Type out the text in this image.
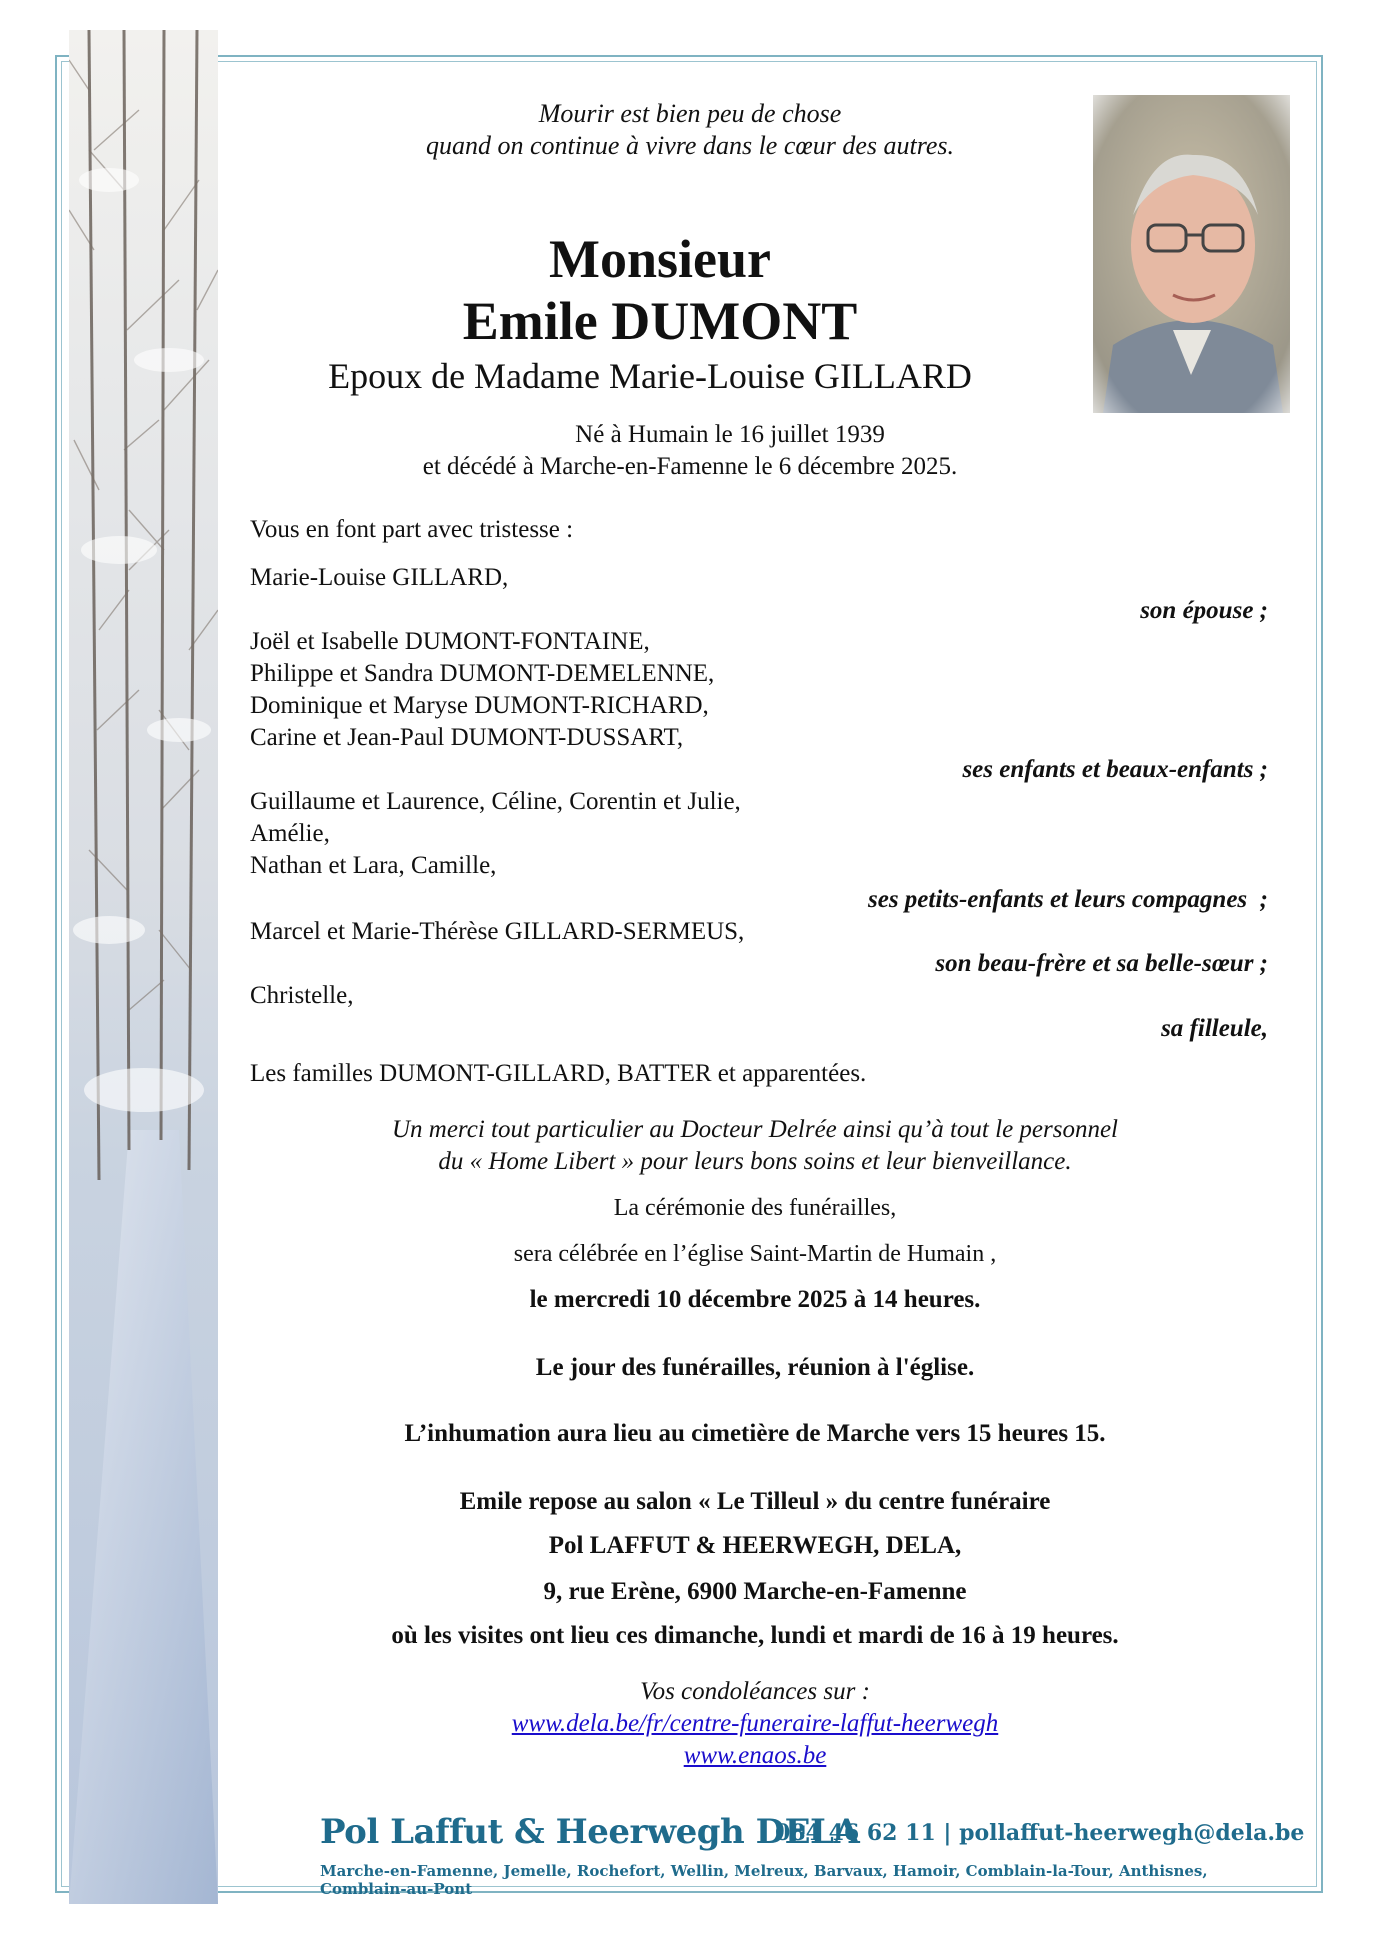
Mourir est bien peu de chose
quand on continue à vivre dans le cœur des autres.
Monsieur
Emile DUMONT
Epoux de Madame Marie-Louise GILLARD
Né à Humain le 16 juillet 1939
et décédé à Marche-en-Famenne le 6 décembre 2025.
Vous en font part avec tristesse :
Marie-Louise GILLARD,
son épouse ;
Joël et Isabelle DUMONT-FONTAINE,
Philippe et Sandra DUMONT-DEMELENNE,
Dominique et Maryse DUMONT-RICHARD,
Carine et Jean-Paul DUMONT-DUSSART,
ses enfants et beaux-enfants ;
Guillaume et Laurence, Céline, Corentin et Julie,
Amélie,
Nathan et Lara, Camille,
ses petits-enfants et leurs compagnes  ;
Marcel et Marie-Thérèse GILLARD-SERMEUS,
son beau-frère et sa belle-sœur ;
Christelle,
sa filleule,
Les familles DUMONT-GILLARD, BATTER et apparentées.
Un merci tout particulier au Docteur Delrée ainsi qu’à tout le personnel
du « Home Libert » pour leurs bons soins et leur bienveillance.
La cérémonie des funérailles,
sera célébrée en l’église Saint-Martin de Humain ,
le mercredi 10 décembre 2025 à 14 heures.
Le jour des funérailles, réunion à l'église.
L’inhumation aura lieu au cimetière de Marche vers 15 heures 15.
Emile repose au salon « Le Tilleul » du centre funéraire
Pol LAFFUT & HEERWEGH, DELA,
9, rue Erène, 6900 Marche-en-Famenne
où les visites ont lieu ces dimanche, lundi et mardi de 16 à 19 heures.
Vos condoléances sur :
www.dela.be/fr/centre-funeraire-laffut-heerwegh
www.enaos.be
Pol Laffut & Heerwegh DELA
084 46 62 11 | pollaffut-heerwegh@dela.be
Marche-en-Famenne, Jemelle, Rochefort, Wellin, Melreux, Barvaux, Hamoir, Comblain-la-Tour, Anthisnes, Comblain-au-Pont
